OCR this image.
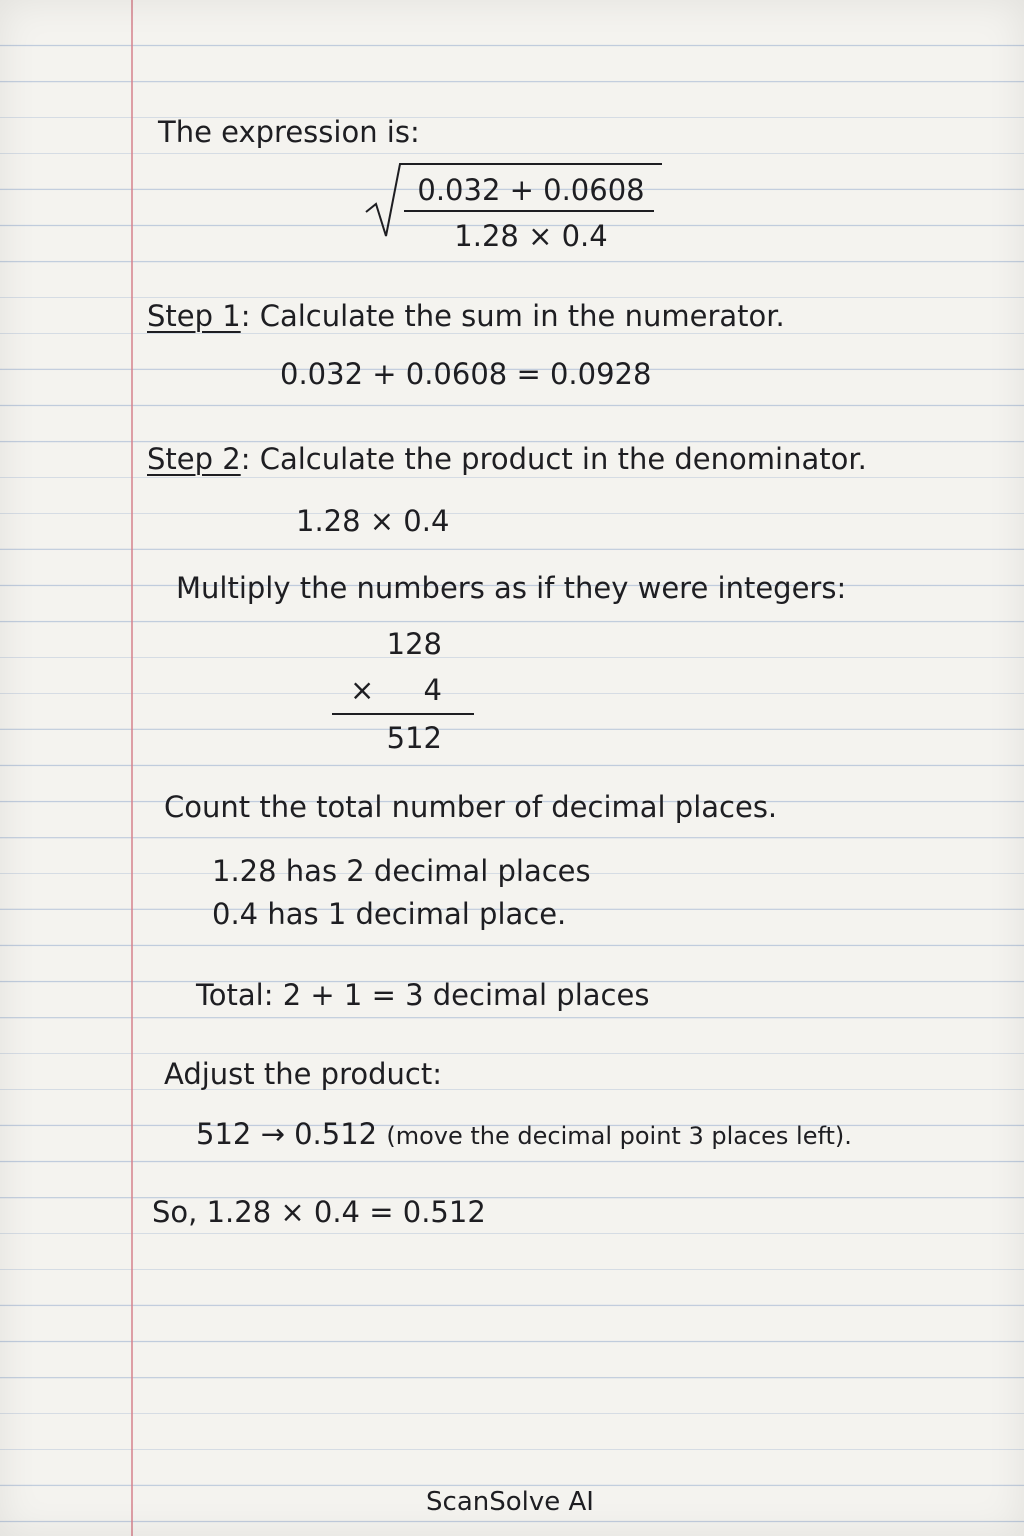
The expression is:
0.032 + 0.0608
1.28 × 0.4
Step 1: Calculate the sum in the numerator.
0.032 + 0.0608 = 0.0928
Step 2: Calculate the product in the denominator.
1.28 × 0.4
Multiply the numbers as if they were integers:
128
×	4
512
Count the total number of decimal places.
1.28 has 2 decimal places
0.4 has 1 decimal place.
Total: 2 + 1 = 3 decimal places
Adjust the product:
512 → 0.512 (move the decimal point 3 places left).
So, 1.28 × 0.4 = 0.512
ScanSolve AI
